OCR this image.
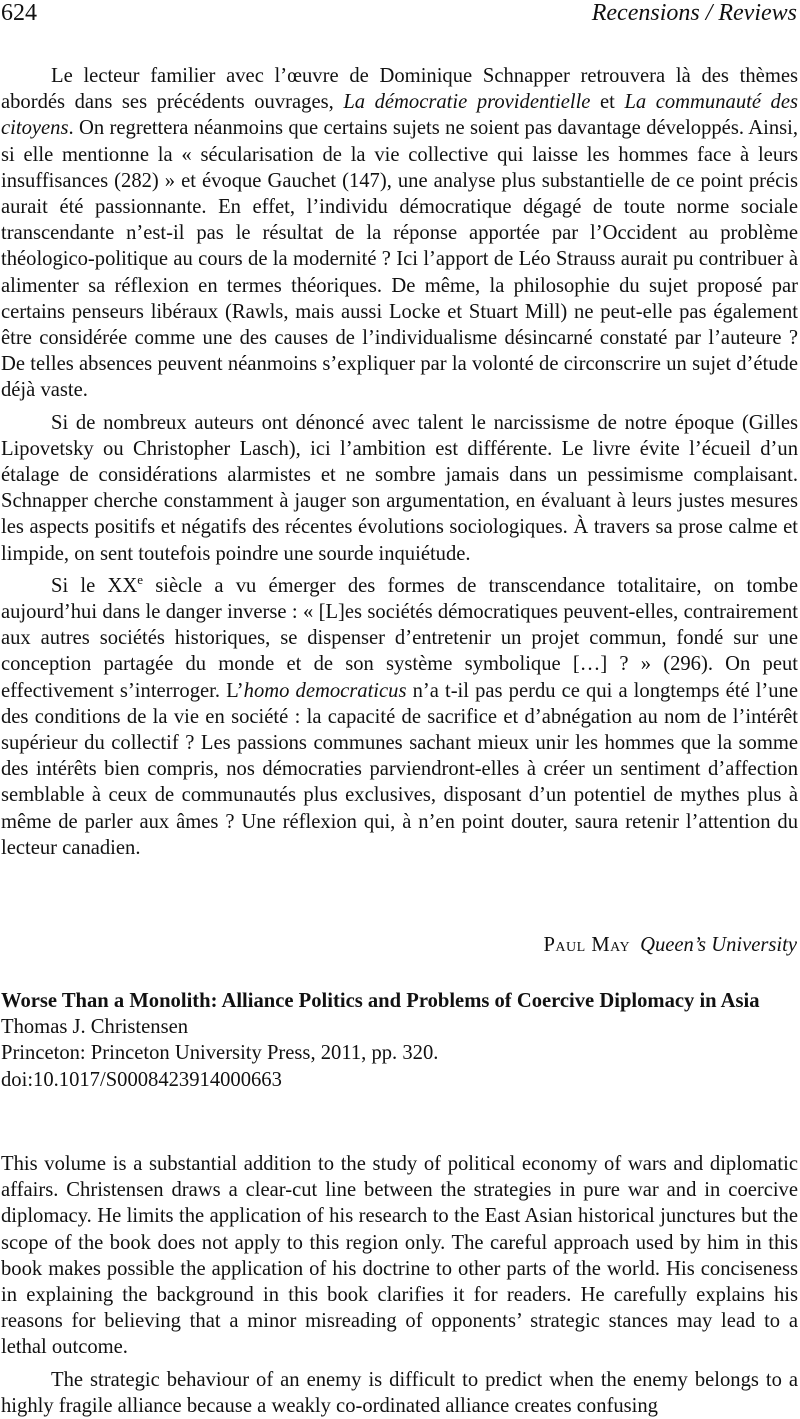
624	Recensions / Reviews

Le lecteur familier avec l’œuvre de Dominique Schnapper retrouvera là des thèmes abordés dans ses précédents ouvrages, La démocratie providentielle et La communauté des citoyens. On regrettera néanmoins que certains sujets ne soient pas davantage développés. Ainsi, si elle mentionne la « sécularisation de la vie collective qui laisse les hommes face à leurs insuffisances (282) » et évoque Gauchet (147), une analyse plus substantielle de ce point précis aurait été passionnante. En effet, l’individu démocratique dégagé de toute norme sociale transcendante n’est-il pas le résultat de la réponse apportée par l’Occident au problème théologico-politique au cours de la modernité ? Ici l’apport de Léo Strauss aurait pu contribuer à alimenter sa réflexion en termes théoriques. De même, la philosophie du sujet proposé par certains penseurs libéraux (Rawls, mais aussi Locke et Stuart Mill) ne peut-elle pas également être considérée comme une des causes de l’individualisme désincarné constaté par l’auteure ? De telles absences peuvent néanmoins s’expliquer par la volonté de circonscrire un sujet d’étude déjà vaste.

Si de nombreux auteurs ont dénoncé avec talent le narcissisme de notre époque (Gilles Lipovetsky ou Christopher Lasch), ici l’ambition est différente. Le livre évite l’écueil d’un étalage de considérations alarmistes et ne sombre jamais dans un pessimisme complaisant. Schnapper cherche constamment à jauger son argumentation, en évaluant à leurs justes mesures les aspects positifs et négatifs des récentes évolutions sociologiques. À travers sa prose calme et limpide, on sent toutefois poindre une sourde inquiétude.

Si le XXe siècle a vu émerger des formes de transcendance totalitaire, on tombe aujourd’hui dans le danger inverse : « [L]es sociétés démocratiques peuvent-elles, contrairement aux autres sociétés historiques, se dispenser d’entretenir un projet commun, fondé sur une conception partagée du monde et de son système symbolique […] ? » (296). On peut effectivement s’interroger. L’homo democraticus n’a t-il pas perdu ce qui a longtemps été l’une des conditions de la vie en société : la capacité de sacrifice et d’abnégation au nom de l’intérêt supérieur du collectif ? Les passions communes sachant mieux unir les hommes que la somme des intérêts bien compris, nos démocraties parviendront-elles à créer un sentiment d’affection semblable à ceux de communautés plus exclusives, disposant d’un potentiel de mythes plus à même de parler aux âmes ? Une réflexion qui, à n’en point douter, saura retenir l’attention du lecteur canadien.

Paul May Queen’s University
Worse Than a Monolith: Alliance Politics and Problems of Coercive Diplomacy in Asia
Thomas J. Christensen
Princeton: Princeton University Press, 2011, pp. 320.
doi:10.1017/S0008423914000663

This volume is a substantial addition to the study of political economy of wars and diplomatic affairs. Christensen draws a clear-cut line between the strategies in pure war and in coercive diplomacy. He limits the application of his research to the East Asian historical junctures but the scope of the book does not apply to this region only. The careful approach used by him in this book makes possible the application of his doctrine to other parts of the world. His conciseness in explaining the background in this book clarifies it for readers. He carefully explains his reasons for believing that a minor misreading of opponents’ strategic stances may lead to a lethal outcome.

The strategic behaviour of an enemy is difficult to predict when the enemy belongs to a highly fragile alliance because a weakly co-ordinated alliance creates confusing
